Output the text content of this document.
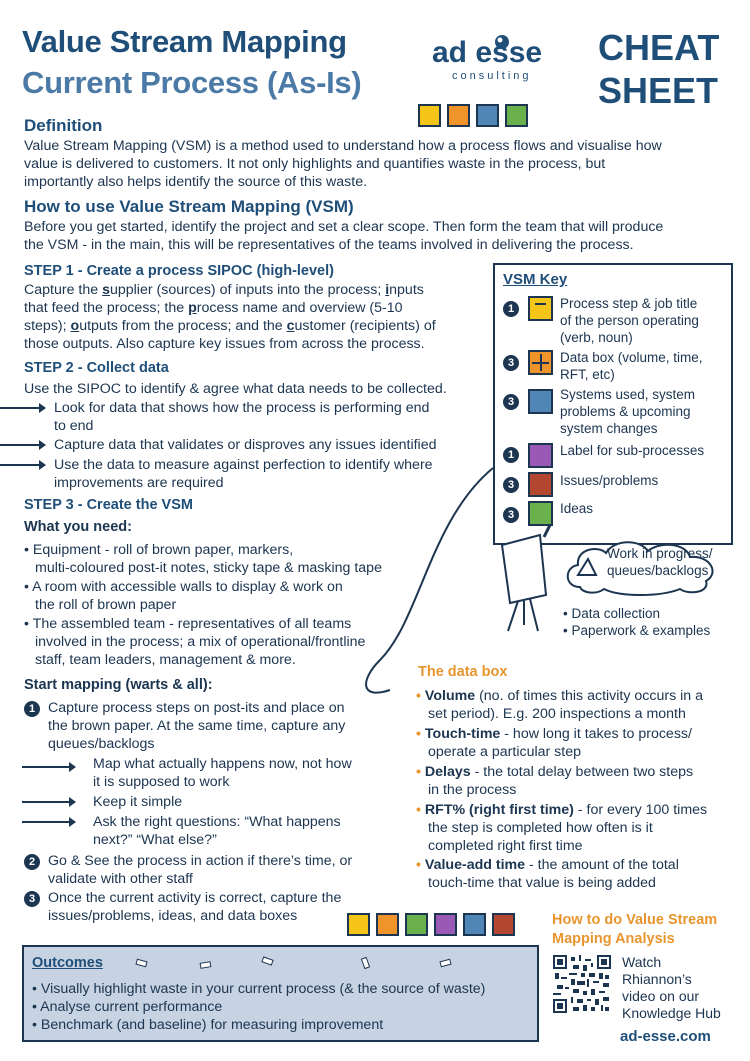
Value Stream Mapping
Current Process (As-Is)
ad esse
consulting
CHEAT
SHEET
Definition
Value Stream Mapping (VSM) is a method used to understand how a process flows and visualise how
value is delivered to customers. It not only highlights and quantifies waste in the process, but
importantly also helps identify the source of this waste.
How to use Value Stream Mapping (VSM)
Before you get started, identify the project and set a clear scope. Then form the team that will produce
the VSM - in the main, this will be representatives of the teams involved in delivering the process.
STEP 1 - Create a process SIPOC (high-level)
Capture the supplier (sources) of inputs into the process; inputs
that feed the process; the process name and overview (5-10
steps); outputs from the process; and the customer (recipients) of
those outputs. Also capture key issues from across the process.
STEP 2 - Collect data
Use the SIPOC to identify & agree what data needs to be collected.
Look for data that shows how the process is performing end
to end
Capture data that validates or disproves any issues identified
Use the data to measure against perfection to identify where
improvements are required
STEP 3 - Create the VSM
What you need:
• Equipment - roll of brown paper, markers,
multi-coloured post-it notes, sticky tape & masking tape
• A room with accessible walls to display & work on
the roll of brown paper
• The assembled team - representatives of all teams
involved in the process; a mix of operational/frontline
staff, team leaders, management & more.
Start mapping (warts & all):
1 Capture process steps on post-its and place on
the brown paper. At the same time, capture any
queues/backlogs
Map what actually happens now, not how
it is supposed to work
Keep it simple
Ask the right questions: “What happens
next?” “What else?”
2 Go & See the process in action if there’s time, or
validate with other staff
3 Once the current activity is correct, capture the
issues/problems, ideas, and data boxes
VSM Key
1	Process step & job title
of the person operating
(verb, noun)
3	Data box (volume, time,
RFT, etc)
3	Systems used, system
problems & upcoming
system changes
1	Label for sub-processes
3	Issues/problems
3	Ideas
Work in progress/
queues/backlogs
• Data collection
• Paperwork & examples
The data box
• Volume (no. of times this activity occurs in a
set period). E.g. 200 inspections a month
• Touch-time - how long it takes to process/
operate a particular step
• Delays - the total delay between two steps
in the process
• RFT% (right first time) - for every 100 times
the step is completed how often is it
completed right first time
• Value-add time - the amount of the total
touch-time that value is being added
How to do Value Stream
Mapping Analysis
Watch
Rhiannon’s
video on our
Knowledge Hub
ad-esse.com
Outcomes
• Visually highlight waste in your current process (& the source of waste)
• Analyse current performance
• Benchmark (and baseline) for measuring improvement
